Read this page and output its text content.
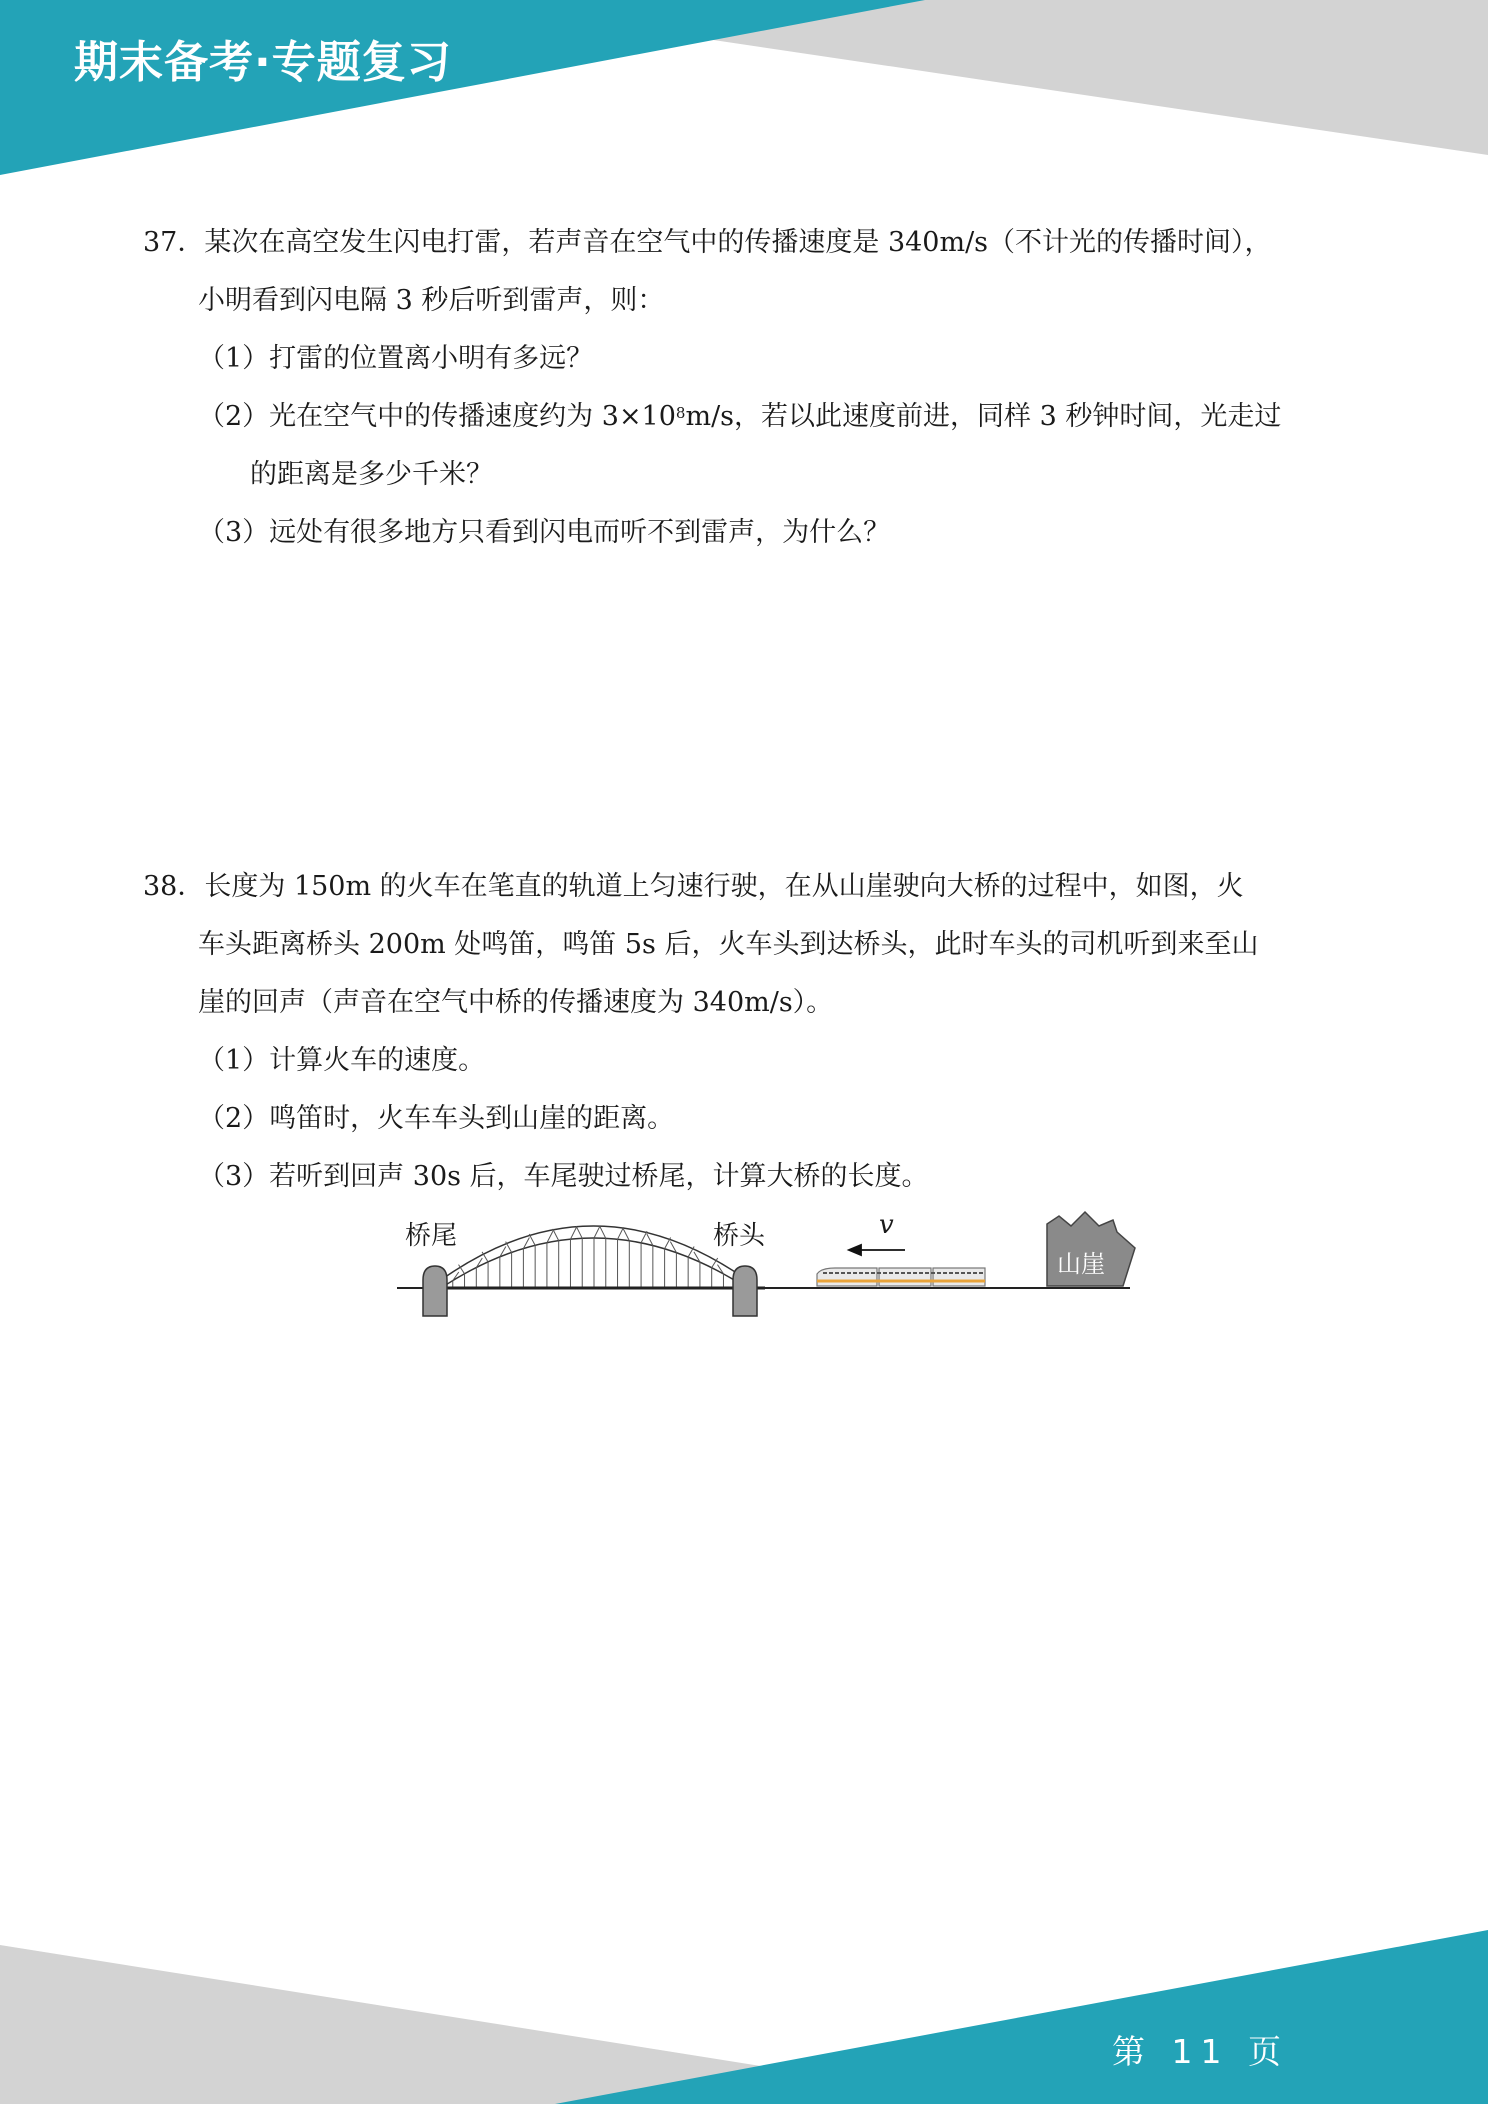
期末备考·专题复习
第 11 页
37．某次在高空发生闪电打雷，若声音在空气中的传播速度是 340m/s（不计光的传播时间），
小明看到闪电隔 3 秒后听到雷声，则：
（1）打雷的位置离小明有多远？
（2）光在空气中的传播速度约为 $3\times 10^8m/s$，若以此速度前进，同样 3 秒钟时间，光走过
的距离是多少千米？
（3）远处有很多地方只看到闪电而听不到雷声，为什么？
38．长度为 150m 的火车在笔直的轨道上匀速行驶，在从山崖驶向大桥的过程中，如图，火
车头距离桥头 200m 处鸣笛，鸣笛 5s 后，火车头到达桥头，此时车头的司机听到来至山
崖的回声（声音在空气中桥的传播速度为 340m/s）。
（1）计算火车的速度。
（2）鸣笛时，火车车头到山崖的距离。
（3）若听到回声 30s 后，车尾驶过桥尾，计算大桥的长度。
桥尾	桥头	v
山崖
